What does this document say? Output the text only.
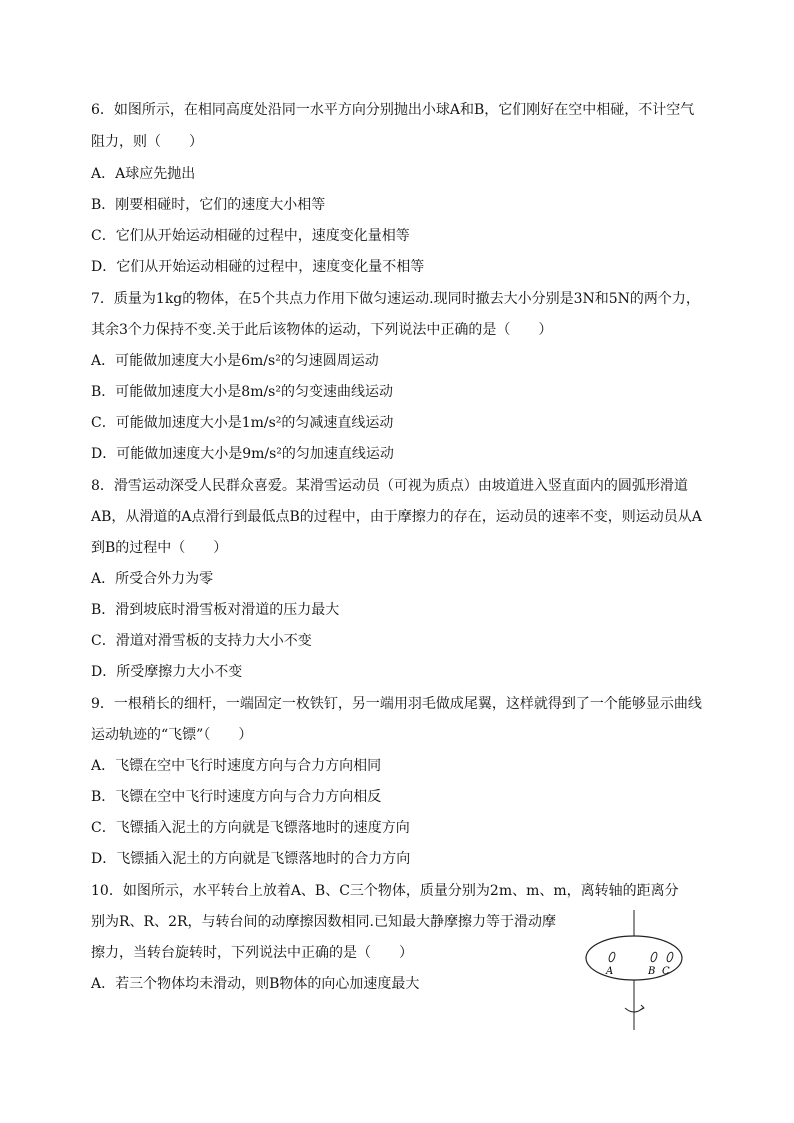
6．如图所示，在相同高度处沿同一水平方向分别抛出小球A和B，它们刚好在空中相碰，不计空气
阻力，则（　　）
A．A球应先抛出
B．刚要相碰时，它们的速度大小相等
C．它们从开始运动相碰的过程中，速度变化量相等
D．它们从开始运动相碰的过程中，速度变化量不相等
7．质量为1kg的物体，在5个共点力作用下做匀速运动.现同时撤去大小分别是3N和5N的两个力，
其余3个力保持不变.关于此后该物体的运动，下列说法中正确的是（　　）
A．可能做加速度大小是6m/s²的匀速圆周运动
B．可能做加速度大小是8m/s²的匀变速曲线运动
C．可能做加速度大小是1m/s²的匀减速直线运动
D．可能做加速度大小是9m/s²的匀加速直线运动
8．滑雪运动深受人民群众喜爱。某滑雪运动员（可视为质点）由坡道进入竖直面内的圆弧形滑道
AB，从滑道的A点滑行到最低点B的过程中，由于摩擦力的存在，运动员的速率不变，则运动员从A
到B的过程中（　　）
A．所受合外力为零
B．滑到坡底时滑雪板对滑道的压力最大
C．滑道对滑雪板的支持力大小不变
D．所受摩擦力大小不变
9．一根稍长的细杆，一端固定一枚铁钉，另一端用羽毛做成尾翼，这样就得到了一个能够显示曲线
运动轨迹的“飞镖”（　　）
A．飞镖在空中飞行时速度方向与合力方向相同
B．飞镖在空中飞行时速度方向与合力方向相反
C．飞镖插入泥土的方向就是飞镖落地时的速度方向
D．飞镖插入泥土的方向就是飞镖落地时的合力方向
10．如图所示，水平转台上放着A、B、C三个物体，质量分别为2m、m、m，离转轴的距离分
别为R、R、2R，与转台间的动摩擦因数相同.已知最大静摩擦力等于滑动摩
擦力，当转台旋转时，下列说法中正确的是（　　）
A．若三个物体均未滑动，则B物体的向心加速度最大
A	B C
